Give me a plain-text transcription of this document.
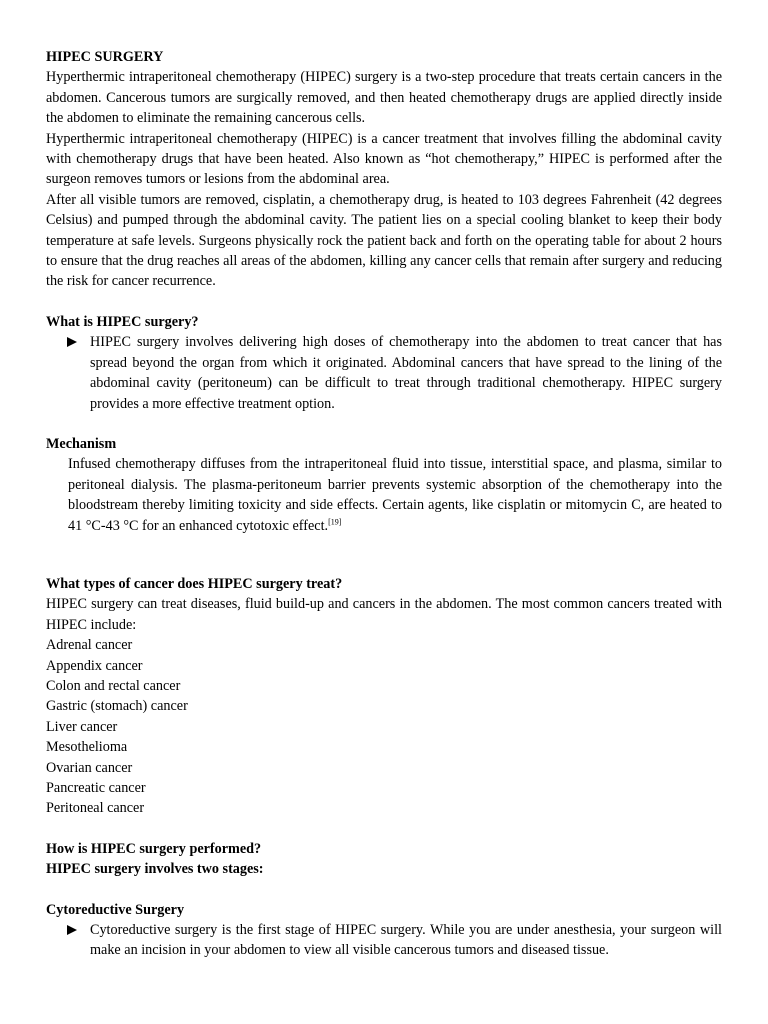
HIPEC SURGERY

Hyperthermic intraperitoneal chemotherapy (HIPEC) surgery is a two-step procedure that treats certain cancers in the abdomen. Cancerous tumors are surgically removed, and then heated chemotherapy drugs are applied directly inside the abdomen to eliminate the remaining cancerous cells.

Hyperthermic intraperitoneal chemotherapy (HIPEC) is a cancer treatment that involves filling the abdominal cavity with chemotherapy drugs that have been heated. Also known as “hot chemotherapy,” HIPEC is performed after the surgeon removes tumors or lesions from the abdominal area.

After all visible tumors are removed, cisplatin, a chemotherapy drug, is heated to 103 degrees Fahrenheit (42 degrees Celsius) and pumped through the abdominal cavity. The patient lies on a special cooling blanket to keep their body temperature at safe levels. Surgeons physically rock the patient back and forth on the operating table for about 2 hours to ensure that the drug reaches all areas of the abdomen, killing any cancer cells that remain after surgery and reducing the risk for cancer recurrence.

What is HIPEC surgery?
HIPEC surgery involves delivering high doses of chemotherapy into the abdomen to treat cancer that has spread beyond the organ from which it originated. Abdominal cancers that have spread to the lining of the abdominal cavity (peritoneum) can be difficult to treat through traditional chemotherapy. HIPEC surgery provides a more effective treatment option.
Mechanism
Infused chemotherapy diffuses from the intraperitoneal fluid into tissue, interstitial space, and plasma, similar to peritoneal dialysis. The plasma-peritoneum barrier prevents systemic absorption of the chemotherapy into the bloodstream thereby limiting toxicity and side effects. Certain agents, like cisplatin or mitomycin C, are heated to 41 °C-43 °C for an enhanced cytotoxic effect.[19]
What types of cancer does HIPEC surgery treat?

HIPEC surgery can treat diseases, fluid build-up and cancers in the abdomen. The most common cancers treated with HIPEC include:

Adrenal cancer
Appendix cancer
Colon and rectal cancer
Gastric (stomach) cancer
Liver cancer
Mesothelioma
Ovarian cancer
Pancreatic cancer
Peritoneal cancer
How is HIPEC surgery performed?
HIPEC surgery involves two stages:
Cytoreductive Surgery
Cytoreductive surgery is the first stage of HIPEC surgery. While you are under anesthesia, your surgeon will make an incision in your abdomen to view all visible cancerous tumors and diseased tissue.
